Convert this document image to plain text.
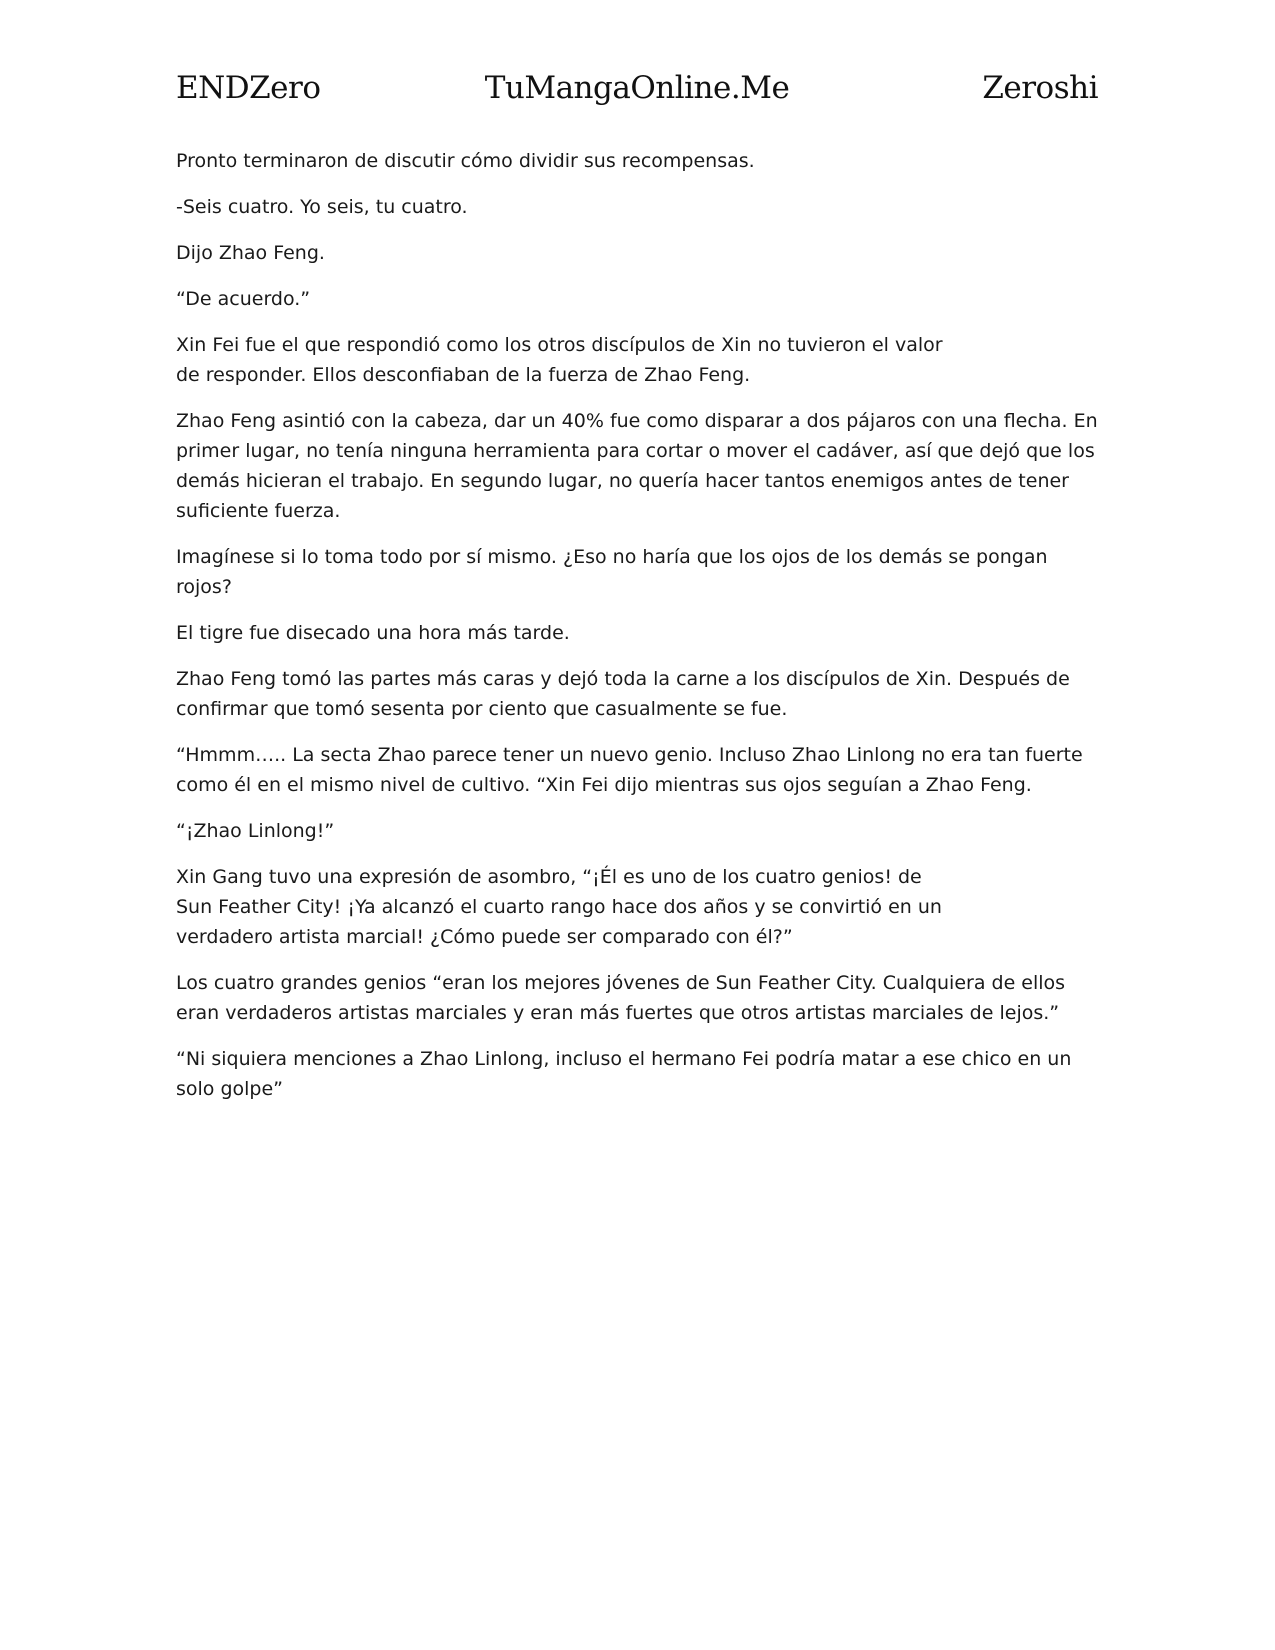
ENDZero	TuMangaOnline.Me	Zeroshi

Pronto terminaron de discutir cómo dividir sus recompensas.

-Seis cuatro. Yo seis, tu cuatro.

Dijo Zhao Feng.

“De acuerdo.”

Xin Fei fue el que respondió como los otros discípulos de Xin no tuvieron el valor de responder. Ellos desconfiaban de la fuerza de Zhao Feng.

Zhao Feng asintió con la cabeza, dar un 40% fue como disparar a dos pájaros con una flecha. En primer lugar, no tenía ninguna herramienta para cortar o mover el cadáver, así que dejó que los demás hicieran el trabajo. En segundo lugar, no quería hacer tantos enemigos antes de tener suficiente fuerza.

Imagínese si lo toma todo por sí mismo. ¿Eso no haría que los ojos de los demás se pongan rojos?

El tigre fue disecado una hora más tarde.

Zhao Feng tomó las partes más caras y dejó toda la carne a los discípulos de Xin. Después de confirmar que tomó sesenta por ciento que casualmente se fue.

“Hmmm….. La secta Zhao parece tener un nuevo genio. Incluso Zhao Linlong no era tan fuerte como él en el mismo nivel de cultivo. “Xin Fei dijo mientras sus ojos seguían a Zhao Feng.

“¡Zhao Linlong!”

Xin Gang tuvo una expresión de asombro, “¡Él es uno de los cuatro genios! de Sun Feather City! ¡Ya alcanzó el cuarto rango hace dos años y se convirtió en un verdadero artista marcial! ¿Cómo puede ser comparado con él?”

Los cuatro grandes genios “eran los mejores jóvenes de Sun Feather City. Cualquiera de ellos eran verdaderos artistas marciales y eran más fuertes que otros artistas marciales de lejos.”

“Ni siquiera menciones a Zhao Linlong, incluso el hermano Fei podría matar a ese chico en un solo golpe”
